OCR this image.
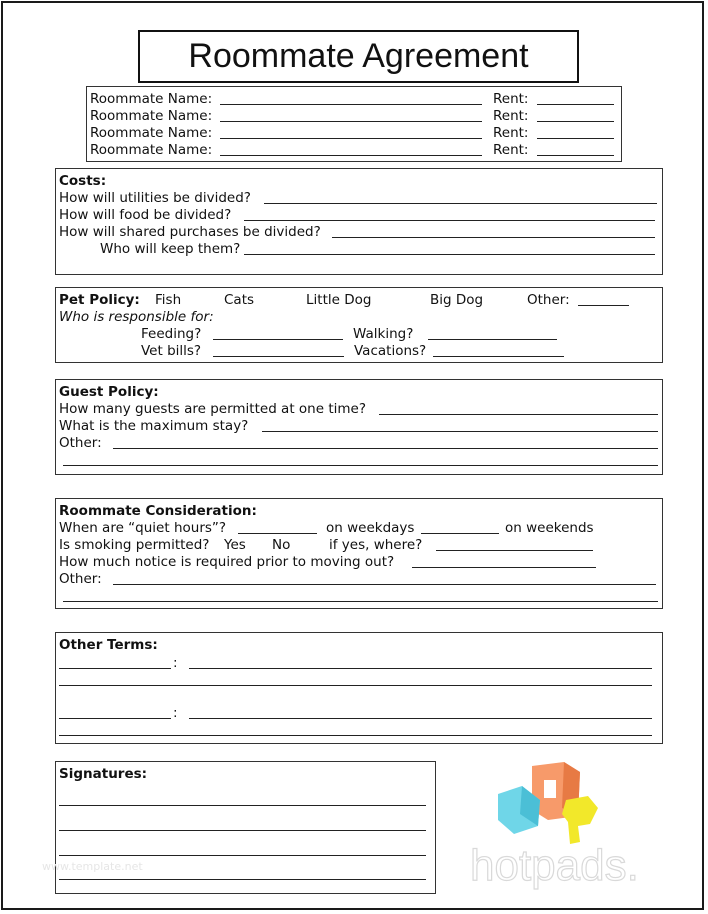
Roommate Agreement
Roommate Name:	Rent:
Roommate Name:	Rent:
Roommate Name:	Rent:
Roommate Name:	Rent:
Costs:
How will utilities be divided?
How will food be divided?
How will shared purchases be divided?
Who will keep them?
Pet Policy: Fish	Cats	Little Dog	Big Dog	Other:
Who is responsible for:
Feeding?	Walking?
Vet bills?	Vacations?
Guest Policy:
How many guests are permitted at one time?
What is the maximum stay?
Other:
Roommate Consideration:
When are “quiet hours”?	on weekdays	on weekends
Is smoking permitted? Yes No	if yes, where?
How much notice is required prior to moving out?
Other:
Other Terms:
:
:
Signatures:
www.template.net	hotpads.
